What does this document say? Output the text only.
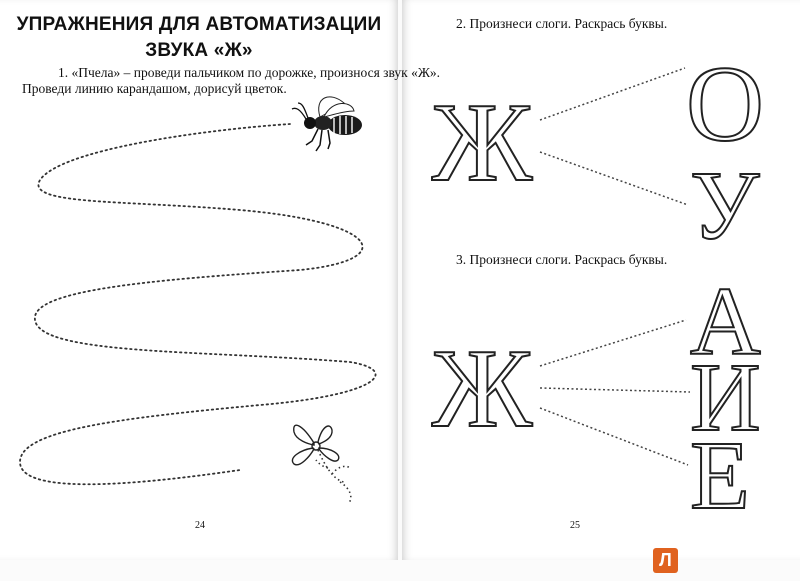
Ж О
У
Ж
А
И
Е
УПРАЖНЕНИЯ ДЛЯ АВТОМАТИЗАЦИИ
ЗВУКА «Ж»
1. «Пчела» – проведи пальчиком по дорожке, произнося звук «Ж».
Проведи линию карандашом, дорисуй цветок.
24
2. Произнеси слоги. Раскрась буквы.
3. Произнеси слоги. Раскрась буквы.
25
Л
